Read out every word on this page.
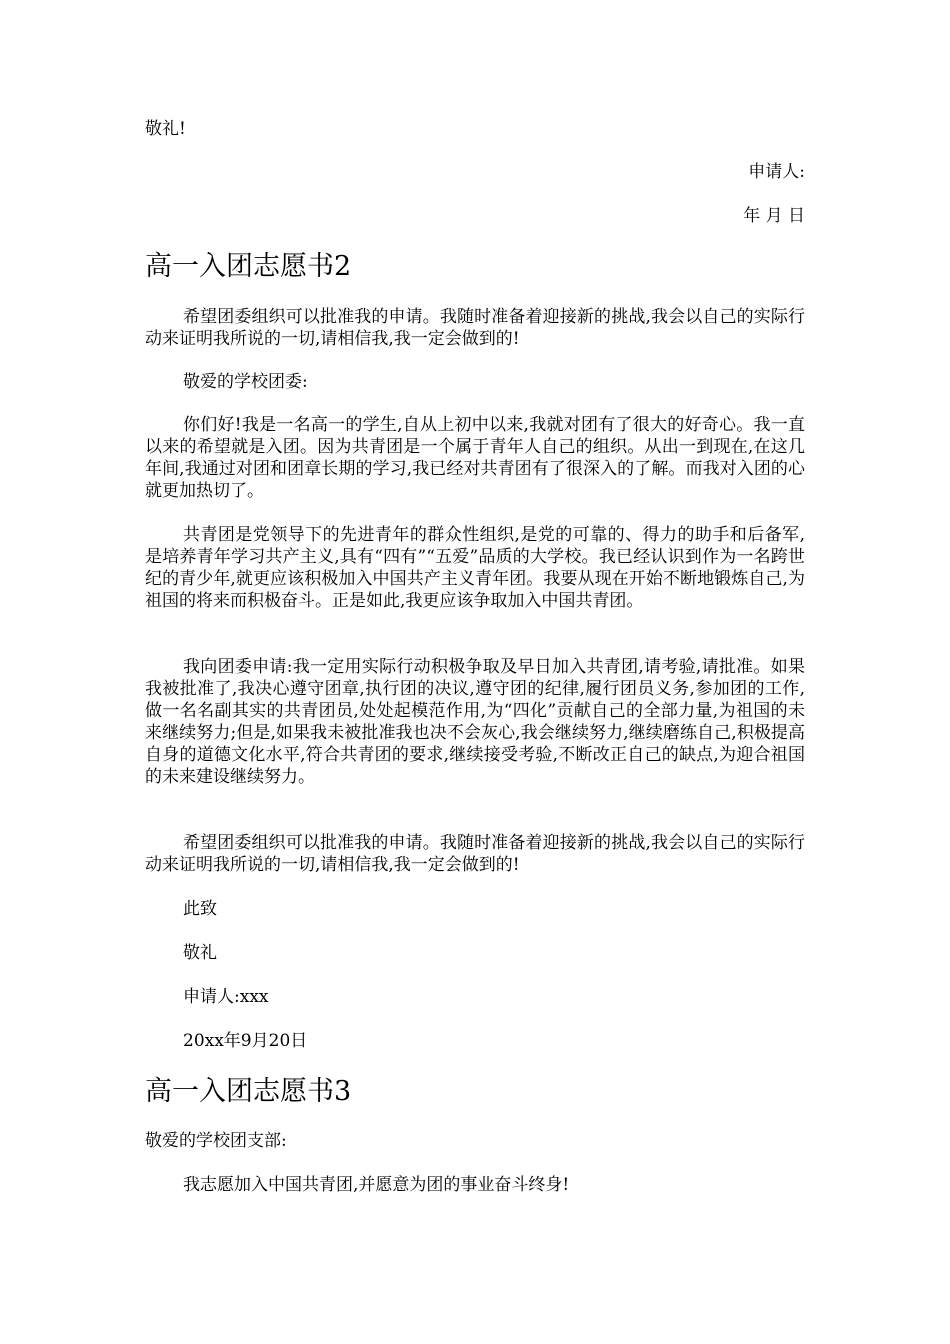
敬礼!
申请人:
年 月 日
高一入团志愿书2
希望团委组织可以批准我的申请。我随时准备着迎接新的挑战,我会以自己的实际行动来证明我所说的一切,请相信我,我一定会做到的!
敬爱的学校团委:
你们好!我是一名高一的学生,自从上初中以来,我就对团有了很大的好奇心。我一直以来的希望就是入团。因为共青团是一个属于青年人自己的组织。从出一到现在,在这几年间,我通过对团和团章长期的学习,我已经对共青团有了很深入的了解。而我对入团的心就更加热切了。
共青团是党领导下的先进青年的群众性组织,是党的可靠的、得力的助手和后备军,是培养青年学习共产主义,具有“四有”“五爱”品质的大学校。我已经认识到作为一名跨世纪的青少年,就更应该积极加入中国共产主义青年团。我要从现在开始不断地锻炼自己,为祖国的将来而积极奋斗。正是如此,我更应该争取加入中国共青团。
我向团委申请:我一定用实际行动积极争取及早日加入共青团,请考验,请批准。如果我被批准了,我决心遵守团章,执行团的决议,遵守团的纪律,履行团员义务,参加团的工作,做一名名副其实的共青团员,处处起模范作用,为“四化”贡献自己的全部力量,为祖国的未来继续努力;但是,如果我未被批准我也决不会灰心,我会继续努力,继续磨练自己,积极提高自身的道德文化水平,符合共青团的要求,继续接受考验,不断改正自己的缺点,为迎合祖国的未来建设继续努力。
希望团委组织可以批准我的申请。我随时准备着迎接新的挑战,我会以自己的实际行动来证明我所说的一切,请相信我,我一定会做到的!
此致
敬礼
申请人:xxx
20xx年9月20日
高一入团志愿书3
敬爱的学校团支部:
我志愿加入中国共青团,并愿意为团的事业奋斗终身!
